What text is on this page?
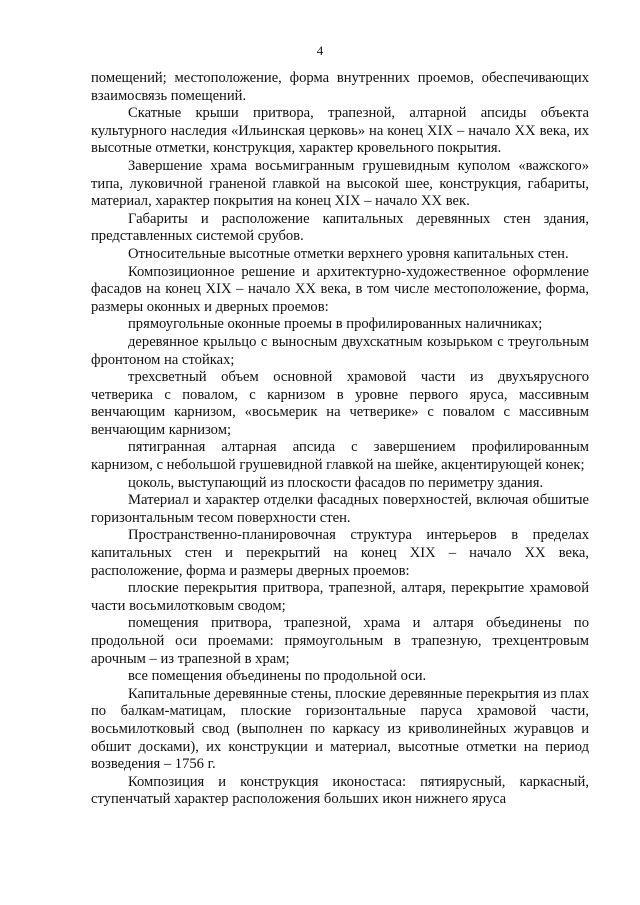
4

помещений; местоположение, форма внутренних проемов, обеспечивающих взаимосвязь помещений.

Скатные крыши притвора, трапезной, алтарной апсиды объекта культурного наследия «Ильинская церковь» на конец XIX – начало XX века, их высотные отметки, конструкция, характер кровельного покрытия.

Завершение храма восьмигранным грушевидным куполом «важского» типа, луковичной граненой главкой на высокой шее, конструкция, габариты, материал, характер покрытия на конец XIX – начало XX век.

Габариты и расположение капитальных деревянных стен здания, представленных системой срубов.

Относительные высотные отметки верхнего уровня капитальных стен.

Композиционное решение и архитектурно-художественное оформление фасадов на конец XIX – начало XX века, в том числе местоположение, форма, размеры оконных и дверных проемов:

прямоугольные оконные проемы в профилированных наличниках;

деревянное крыльцо с выносным двухскатным козырьком с треугольным фронтоном на стойках;

трехсветный объем основной храмовой части из двухъярусного четверика с повалом, с карнизом в уровне первого яруса, массивным венчающим карнизом, «восьмерик на четверике» с повалом с массивным венчающим карнизом;

пятигранная алтарная апсида с завершением профилированным карнизом, с небольшой грушевидной главкой на шейке, акцентирующей конек;

цоколь, выступающий из плоскости фасадов по периметру здания.

Материал и характер отделки фасадных поверхностей, включая обшитые горизонтальным тесом поверхности стен.

Пространственно-планировочная структура интерьеров в пределах капитальных стен и перекрытий на конец XIX – начало XX века, расположение, форма и размеры дверных проемов:

плоские перекрытия притвора, трапезной, алтаря, перекрытие храмовой части восьмилотковым сводом;

помещения притвора, трапезной, храма и алтаря объединены по продольной оси проемами: прямоугольным в трапезную, трехцентровым арочным – из трапезной в храм;

все помещения объединены по продольной оси.

Капитальные деревянные стены, плоские деревянные перекрытия из плах по балкам-матицам, плоские горизонтальные паруса храмовой части, восьмилотковый свод (выполнен по каркасу из криволинейных журавцов и обшит досками), их конструкции и материал, высотные отметки на период возведения – 1756 г.

Композиция и конструкция иконостаса: пятиярусный, каркасный, ступенчатый характер расположения больших икон нижнего яруса
